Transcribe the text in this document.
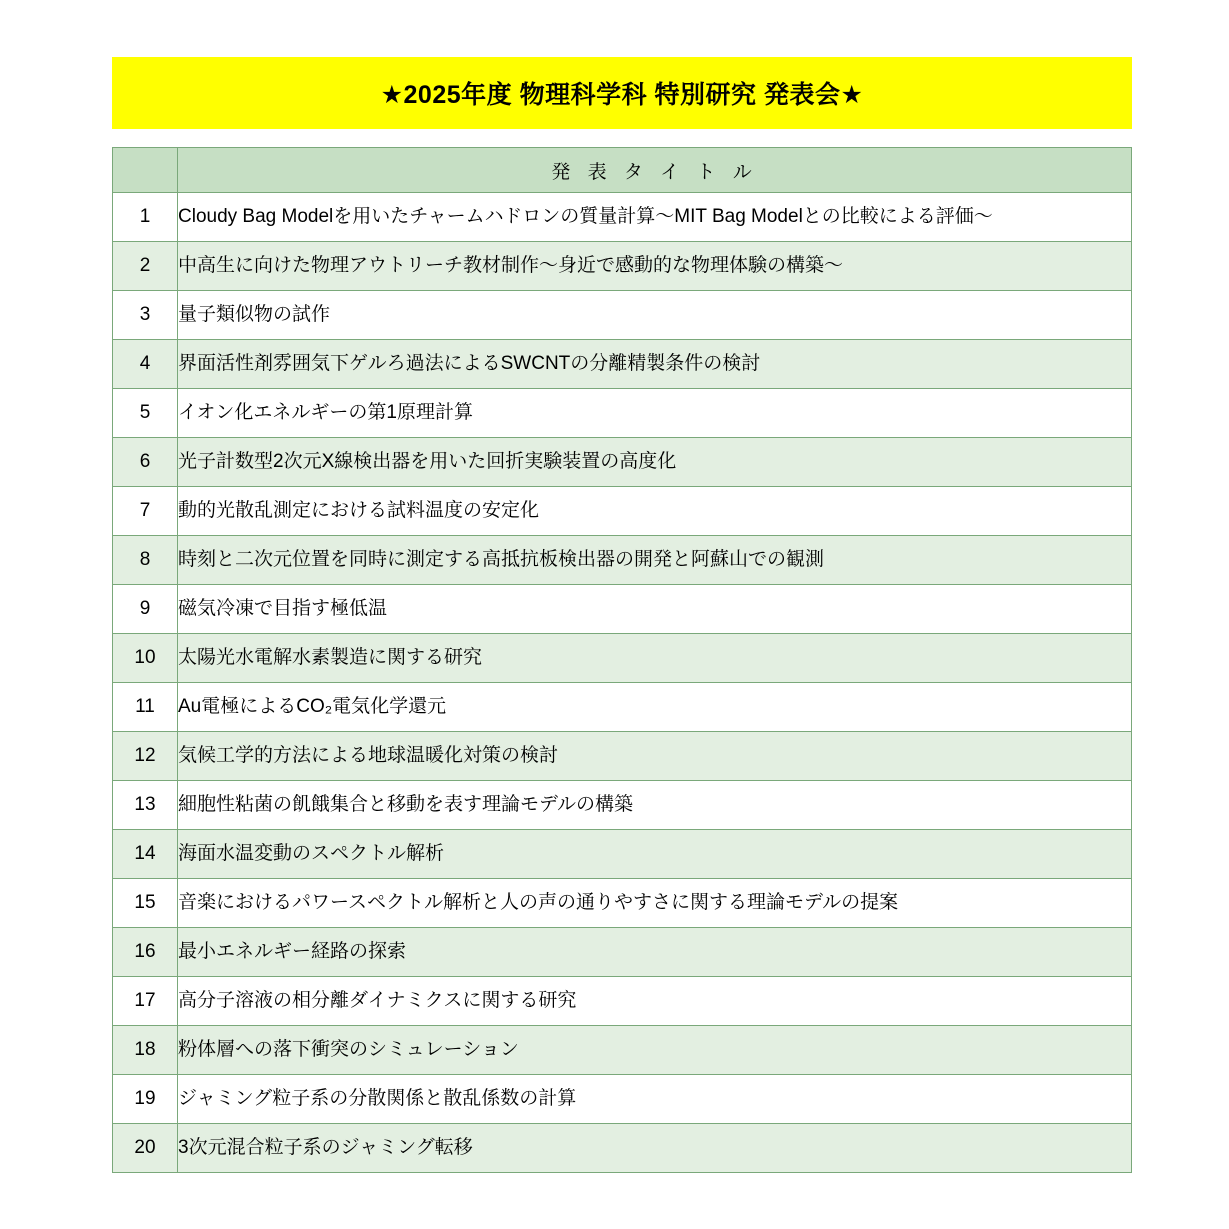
★2025年度 物理科学科 特別研究 発表会★
	発 表 タ イ ト ル
1	Cloudy Bag Modelを用いたチャームハドロンの質量計算～MIT Bag Modelとの比較による評価～
2	中高生に向けた物理アウトリーチ教材制作～身近で感動的な物理体験の構築～
3	量子類似物の試作
4	界面活性剤雰囲気下ゲルろ過法によるSWCNTの分離精製条件の検討
5	イオン化エネルギーの第1原理計算
6	光子計数型2次元X線検出器を用いた回折実験装置の高度化
7	動的光散乱測定における試料温度の安定化
8	時刻と二次元位置を同時に測定する高抵抗板検出器の開発と阿蘇山での観測
9	磁気冷凍で目指す極低温
10	太陽光水電解水素製造に関する研究
11	Au電極によるCO₂電気化学還元
12	気候工学的方法による地球温暖化対策の検討
13	細胞性粘菌の飢餓集合と移動を表す理論モデルの構築
14	海面水温変動のスペクトル解析
15	音楽におけるパワースペクトル解析と人の声の通りやすさに関する理論モデルの提案
16	最小エネルギー経路の探索
17	高分子溶液の相分離ダイナミクスに関する研究
18	粉体層への落下衝突のシミュレーション
19	ジャミング粒子系の分散関係と散乱係数の計算
20	3次元混合粒子系のジャミング転移
